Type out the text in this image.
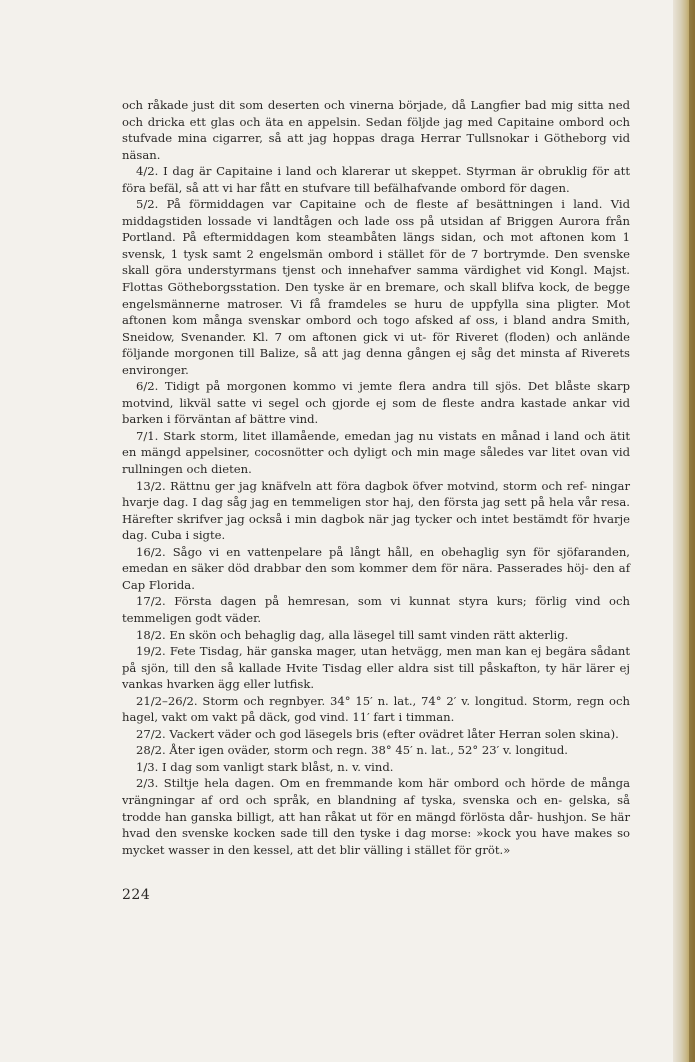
och råkade just dit som deserten och vinerna började, då Langfier bad mig sitta ned och dricka ett glas och äta en appelsin. Sedan följde jag med Capitaine ombord och stufvade mina cigarrer, så att jag hoppas draga Herrar Tullsnokar i Götheborg vid näsan.

4/2. I dag är Capitaine i land och klarerar ut skeppet. Styrman är obruklig för att föra befäl, så att vi har fått en stufvare till befälhafvande ombord för dagen.

5/2. På förmiddagen var Capitaine och de fleste af besättningen i land. Vid middagstiden lossade vi landtågen och lade oss på utsidan af Briggen Aurora från Portland. På eftermiddagen kom steambåten längs sidan, och mot aftonen kom 1 svensk, 1 tysk samt 2 engelsmän ombord i stället för de 7 bortrymde. Den svenske skall göra understyrmans tjenst och innehafver samma värdighet vid Kongl. Majst. Flottas Götheborgsstation. Den tyske är en bremare, och skall blifva kock, de begge engelsmännerne matroser. Vi få framdeles se huru de uppfylla sina pligter. Mot aftonen kom många svenskar ombord och togo afsked af oss, i bland andra Smith, Sneidow, Svenander. Kl. 7 om aftonen gick vi ut- för Riveret (floden) och anlände följande morgonen till Balize, så att jag denna gången ej såg det minsta af Riverets environger.

6/2. Tidigt på morgonen kommo vi jemte flera andra till sjös. Det blåste skarp motvind, likväl satte vi segel och gjorde ej som de fleste andra kastade ankar vid barken i förväntan af bättre vind.

7/1. Stark storm, litet illamående, emedan jag nu vistats en månad i land och ätit en mängd appelsiner, cocosnötter och dyligt och min mage således var litet ovan vid rullningen och dieten.

13/2. Rättnu ger jag knäfveln att föra dagbok öfver motvind, storm och ref- ningar hvarje dag. I dag såg jag en temmeligen stor haj, den första jag sett på hela vår resa. Härefter skrifver jag också i min dagbok när jag tycker och intet bestämdt för hvarje dag. Cuba i sigte.

16/2. Sågo vi en vattenpelare på långt håll, en obehaglig syn för sjöfaranden, emedan en säker död drabbar den som kommer dem för nära. Passerades höj- den af Cap Florida.

17/2. Första dagen på hemresan, som vi kunnat styra kurs; förlig vind och temmeligen godt väder.

18/2. En skön och behaglig dag, alla läsegel till samt vinden rätt akterlig.

19/2. Fete Tisdag, här ganska mager, utan hetvägg, men man kan ej begära sådant på sjön, till den så kallade Hvite Tisdag eller aldra sist till påskafton, ty här lärer ej vankas hvarken ägg eller lutfisk.

21/2–26/2. Storm och regnbyer. 34° 15′ n. lat., 74° 2′ v. longitud. Storm, regn och hagel, vakt om vakt på däck, god vind. 11′ fart i timman.

27/2. Vackert väder och god läsegels bris (efter ovädret låter Herran solen skina).

28/2. Åter igen oväder, storm och regn. 38° 45′ n. lat., 52° 23′ v. longitud.

1/3. I dag som vanligt stark blåst, n. v. vind.

2/3. Stiltje hela dagen. Om en fremmande kom här ombord och hörde de många vrängningar af ord och språk, en blandning af tyska, svenska och en- gelska, så trodde han ganska billigt, att han råkat ut för en mängd förlösta dår- hushjon. Se här hvad den svenske kocken sade till den tyske i dag morse: »kock you have makes so mycket wasser in den kessel, att det blir välling i stället för gröt.»

224
